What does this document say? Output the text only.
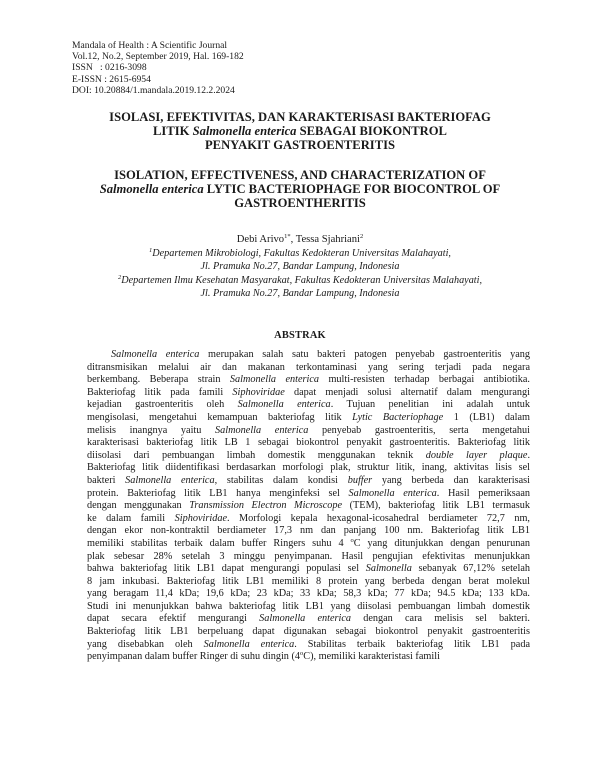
Mandala of Health : A Scientific Journal
Vol.12, No.2, September 2019, Hal. 169-182
ISSN   : 0216-3098
E-ISSN : 2615-6954
DOI: 10.20884/1.mandala.2019.12.2.2024
ISOLASI, EFEKTIVITAS, DAN KARAKTERISASI BAKTERIOFAG
LITIK Salmonella enterica SEBAGAI BIOKONTROL
PENYAKIT GASTROENTERITIS
ISOLATION, EFFECTIVENESS, AND CHARACTERIZATION OF
Salmonella enterica LYTIC BACTERIOPHAGE FOR BIOCONTROL OF
GASTROENTHERITIS
Debi Arivo$^{1*}$, Tessa Sjahriani$^2$
$^1$Departemen Mikrobiologi, Fakultas Kedokteran Universitas Malahayati,
Jl. Pramuka No.27, Bandar Lampung, Indonesia
$^2$Departemen Ilmu Kesehatan Masyarakat, Fakultas Kedokteran Universitas Malahayati,
Jl. Pramuka No.27, Bandar Lampung, Indonesia
ABSTRAK
Salmonella enterica merupakan salah satu bakteri patogen penyebab gastroenteritis yang
ditransmisikan melalui air dan makanan terkontaminasi yang sering terjadi pada negara
berkembang. Beberapa strain Salmonella enterica multi-resisten terhadap berbagai antibiotika.
Bakteriofag litik pada famili Siphoviridae dapat menjadi solusi alternatif dalam mengurangi
kejadian gastroenteritis oleh Salmonella enterica. Tujuan penelitian ini adalah untuk
mengisolasi, mengetahui kemampuan bakteriofag litik Lytic Bacteriophage 1 (LB1) dalam
melisis inangnya yaitu Salmonella enterica penyebab gastroenteritis, serta mengetahui
karakterisasi bakteriofag litik LB 1 sebagai biokontrol penyakit gastroenteritis. Bakteriofag litik
diisolasi dari pembuangan limbah domestik menggunakan teknik double layer plaque.
Bakteriofag litik diidentifikasi berdasarkan morfologi plak, struktur litik, inang, aktivitas lisis sel
bakteri Salmonella enterica, stabilitas dalam kondisi buffer yang berbeda dan karakterisasi
protein. Bakteriofag litik LB1 hanya menginfeksi sel Salmonella enterica. Hasil pemeriksaan
dengan menggunakan Transmission Electron Microscope (TEM), bakteriofag litik LB1 termasuk
ke dalam famili Siphoviridae. Morfologi kepala hexagonal-icosahedral berdiameter 72,7 nm,
dengan ekor non-kontraktil berdiameter 17,3 nm dan panjang 100 nm. Bakteriofag litik LB1
memiliki stabilitas terbaik dalam buffer Ringers suhu 4 $^o$C yang ditunjukkan dengan penurunan
plak sebesar 28% setelah 3 minggu penyimpanan. Hasil pengujian efektivitas menunjukkan
bahwa bakteriofag litik LB1 dapat mengurangi populasi sel Salmonella sebanyak 67,12% setelah
8 jam inkubasi. Bakteriofag litik LB1 memiliki 8 protein yang berbeda dengan berat molekul
yang beragam 11,4 kDa; 19,6 kDa; 23 kDa; 33 kDa; 58,3 kDa; 77 kDa; 94.5 kDa; 133 kDa.
Studi ini menunjukkan bahwa bakteriofag litik LB1 yang diisolasi pembuangan limbah domestik
dapat secara efektif mengurangi Salmonella enterica dengan cara melisis sel bakteri.
Bakteriofag litik LB1 berpeluang dapat digunakan sebagai biokontrol penyakit gastroenteritis
yang disebabkan oleh Salmonella enterica. Stabilitas terbaik bakteriofag litik LB1 pada
penyimpanan dalam buffer Ringer di suhu dingin (4$^o$C), memiliki karakteristasi famili
